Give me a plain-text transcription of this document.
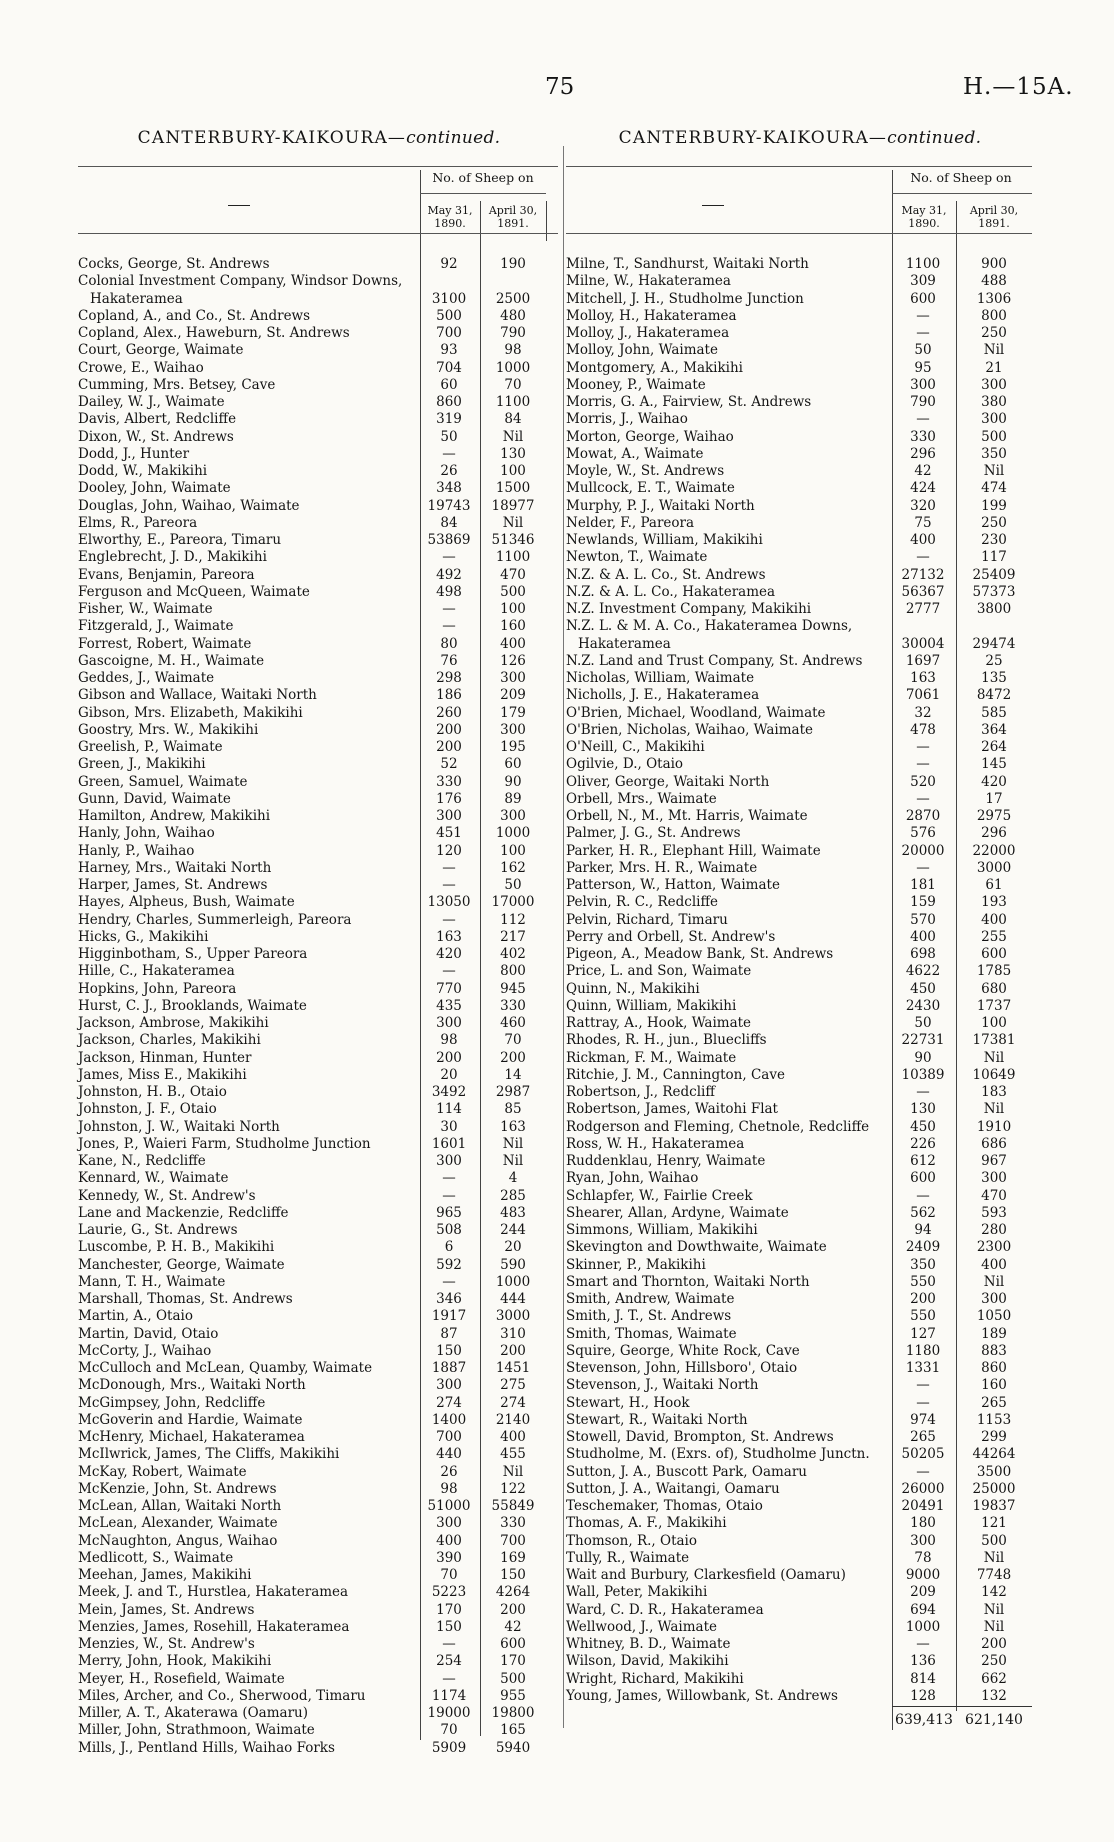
75	H.—15A.
CANTERBURY-KAIKOURA—continued.
No. of Sheep on
May 31,
1890.
April 30,
1891.
Cocks, George, St. Andrews	92	190
Colonial Investment Company, Windsor Downs, Hakateramea	3100	2500
Copland, A., and Co., St. Andrews	500	480
Copland, Alex., Haweburn, St. Andrews	700	790
Court, George, Waimate	93	98
Crowe, E., Waihao	704	1000
Cumming, Mrs. Betsey, Cave	60	70
Dailey, W. J., Waimate	860	1100
Davis, Albert, Redcliffe	319	84
Dixon, W., St. Andrews	50	Nil
Dodd, J., Hunter	—	130
Dodd, W., Makikihi	26	100
Dooley, John, Waimate	348	1500
Douglas, John, Waihao, Waimate	19743	18977
Elms, R., Pareora	84	Nil
Elworthy, E., Pareora, Timaru	53869	51346
Englebrecht, J. D., Makikihi	—	1100
Evans, Benjamin, Pareora	492	470
Ferguson and McQueen, Waimate	498	500
Fisher, W., Waimate	—	100
Fitzgerald, J., Waimate	—	160
Forrest, Robert, Waimate	80	400
Gascoigne, M. H., Waimate	76	126
Geddes, J., Waimate	298	300
Gibson and Wallace, Waitaki North	186	209
Gibson, Mrs. Elizabeth, Makikihi	260	179
Goostry, Mrs. W., Makikihi	200	300
Greelish, P., Waimate	200	195
Green, J., Makikihi	52	60
Green, Samuel, Waimate	330	90
Gunn, David, Waimate	176	89
Hamilton, Andrew, Makikihi	300	300
Hanly, John, Waihao	451	1000
Hanly, P., Waihao	120	100
Harney, Mrs., Waitaki North	—	162
Harper, James, St. Andrews	—	50
Hayes, Alpheus, Bush, Waimate	13050	17000
Hendry, Charles, Summerleigh, Pareora	—	112
Hicks, G., Makikihi	163	217
Higginbotham, S., Upper Pareora	420	402
Hille, C., Hakateramea	—	800
Hopkins, John, Pareora	770	945
Hurst, C. J., Brooklands, Waimate	435	330
Jackson, Ambrose, Makikihi	300	460
Jackson, Charles, Makikihi	98	70
Jackson, Hinman, Hunter	200	200
James, Miss E., Makikihi	20	14
Johnston, H. B., Otaio	3492	2987
Johnston, J. F., Otaio	114	85
Johnston, J. W., Waitaki North	30	163
Jones, P., Waieri Farm, Studholme Junction	1601	Nil
Kane, N., Redcliffe	300	Nil
Kennard, W., Waimate	—	4
Kennedy, W., St. Andrew's	—	285
Lane and Mackenzie, Redcliffe	965	483
Laurie, G., St. Andrews	508	244
Luscombe, P. H. B., Makikihi	6	20
Manchester, George, Waimate	592	590
Mann, T. H., Waimate	—	1000
Marshall, Thomas, St. Andrews	346	444
Martin, A., Otaio	1917	3000
Martin, David, Otaio	87	310
McCorty, J., Waihao	150	200
McCulloch and McLean, Quamby, Waimate	1887	1451
McDonough, Mrs., Waitaki North	300	275
McGimpsey, John, Redcliffe	274	274
McGoverin and Hardie, Waimate	1400	2140
McHenry, Michael, Hakateramea	700	400
McIlwrick, James, The Cliffs, Makikihi	440	455
McKay, Robert, Waimate	26	Nil
McKenzie, John, St. Andrews	98	122
McLean, Allan, Waitaki North	51000	55849
McLean, Alexander, Waimate	300	330
McNaughton, Angus, Waihao	400	700
Medlicott, S., Waimate	390	169
Meehan, James, Makikihi	70	150
Meek, J. and T., Hurstlea, Hakateramea	5223	4264
Mein, James, St. Andrews	170	200
Menzies, James, Rosehill, Hakateramea	150	42
Menzies, W., St. Andrew's	—	600
Merry, John, Hook, Makikihi	254	170
Meyer, H., Rosefield, Waimate	—	500
Miles, Archer, and Co., Sherwood, Timaru	1174	955
Miller, A. T., Akaterawa (Oamaru)	19000	19800
Miller, John, Strathmoon, Waimate	70	165
Mills, J., Pentland Hills, Waihao Forks	5909	5940
CANTERBURY-KAIKOURA—continued.
No. of Sheep on
May 31,
1890.
April 30,
1891.
Milne, T., Sandhurst, Waitaki North	1100	900
Milne, W., Hakateramea	309	488
Mitchell, J. H., Studholme Junction	600	1306
Molloy, H., Hakateramea	—	800
Molloy, J., Hakateramea	—	250
Molloy, John, Waimate	50	Nil
Montgomery, A., Makikihi	95	21
Mooney, P., Waimate	300	300
Morris, G. A., Fairview, St. Andrews	790	380
Morris, J., Waihao	—	300
Morton, George, Waihao	330	500
Mowat, A., Waimate	296	350
Moyle, W., St. Andrews	42	Nil
Mullcock, E. T., Waimate	424	474
Murphy, P. J., Waitaki North	320	199
Nelder, F., Pareora	75	250
Newlands, William, Makikihi	400	230
Newton, T., Waimate	—	117
N.Z. & A. L. Co., St. Andrews	27132	25409
N.Z. & A. L. Co., Hakateramea	56367	57373
N.Z. Investment Company, Makikihi	2777	3800
N.Z. L. & M. A. Co., Hakateramea Downs, Hakateramea	30004	29474
N.Z. Land and Trust Company, St. Andrews	1697	25
Nicholas, William, Waimate	163	135
Nicholls, J. E., Hakateramea	7061	8472
O'Brien, Michael, Woodland, Waimate	32	585
O'Brien, Nicholas, Waihao, Waimate	478	364
O'Neill, C., Makikihi	—	264
Ogilvie, D., Otaio	—	145
Oliver, George, Waitaki North	520	420
Orbell, Mrs., Waimate	—	17
Orbell, N., M., Mt. Harris, Waimate	2870	2975
Palmer, J. G., St. Andrews	576	296
Parker, H. R., Elephant Hill, Waimate	20000	22000
Parker, Mrs. H. R., Waimate	—	3000
Patterson, W., Hatton, Waimate	181	61
Pelvin, R. C., Redcliffe	159	193
Pelvin, Richard, Timaru	570	400
Perry and Orbell, St. Andrew's	400	255
Pigeon, A., Meadow Bank, St. Andrews	698	600
Price, L. and Son, Waimate	4622	1785
Quinn, N., Makikihi	450	680
Quinn, William, Makikihi	2430	1737
Rattray, A., Hook, Waimate	50	100
Rhodes, R. H., jun., Bluecliffs	22731	17381
Rickman, F. M., Waimate	90	Nil
Ritchie, J. M., Cannington, Cave	10389	10649
Robertson, J., Redcliff	—	183
Robertson, James, Waitohi Flat	130	Nil
Rodgerson and Fleming, Chetnole, Redcliffe	450	1910
Ross, W. H., Hakateramea	226	686
Ruddenklau, Henry, Waimate	612	967
Ryan, John, Waihao	600	300
Schlapfer, W., Fairlie Creek	—	470
Shearer, Allan, Ardyne, Waimate	562	593
Simmons, William, Makikihi	94	280
Skevington and Dowthwaite, Waimate	2409	2300
Skinner, P., Makikihi	350	400
Smart and Thornton, Waitaki North	550	Nil
Smith, Andrew, Waimate	200	300
Smith, J. T., St. Andrews	550	1050
Smith, Thomas, Waimate	127	189
Squire, George, White Rock, Cave	1180	883
Stevenson, John, Hillsboro', Otaio	1331	860
Stevenson, J., Waitaki North	—	160
Stewart, H., Hook	—	265
Stewart, R., Waitaki North	974	1153
Stowell, David, Brompton, St. Andrews	265	299
Studholme, M. (Exrs. of), Studholme Junctn.	50205	44264
Sutton, J. A., Buscott Park, Oamaru	—	3500
Sutton, J. A., Waitangi, Oamaru	26000	25000
Teschemaker, Thomas, Otaio	20491	19837
Thomas, A. F., Makikihi	180	121
Thomson, R., Otaio	300	500
Tully, R., Waimate	78	Nil
Wait and Burbury, Clarkesfield (Oamaru)	9000	7748
Wall, Peter, Makikihi	209	142
Ward, C. D. R., Hakateramea	694	Nil
Wellwood, J., Waimate	1000	Nil
Whitney, B. D., Waimate	—	200
Wilson, David, Makikihi	136	250
Wright, Richard, Makikihi	814	662
Young, James, Willowbank, St. Andrews	128	132
639,413 621,140
